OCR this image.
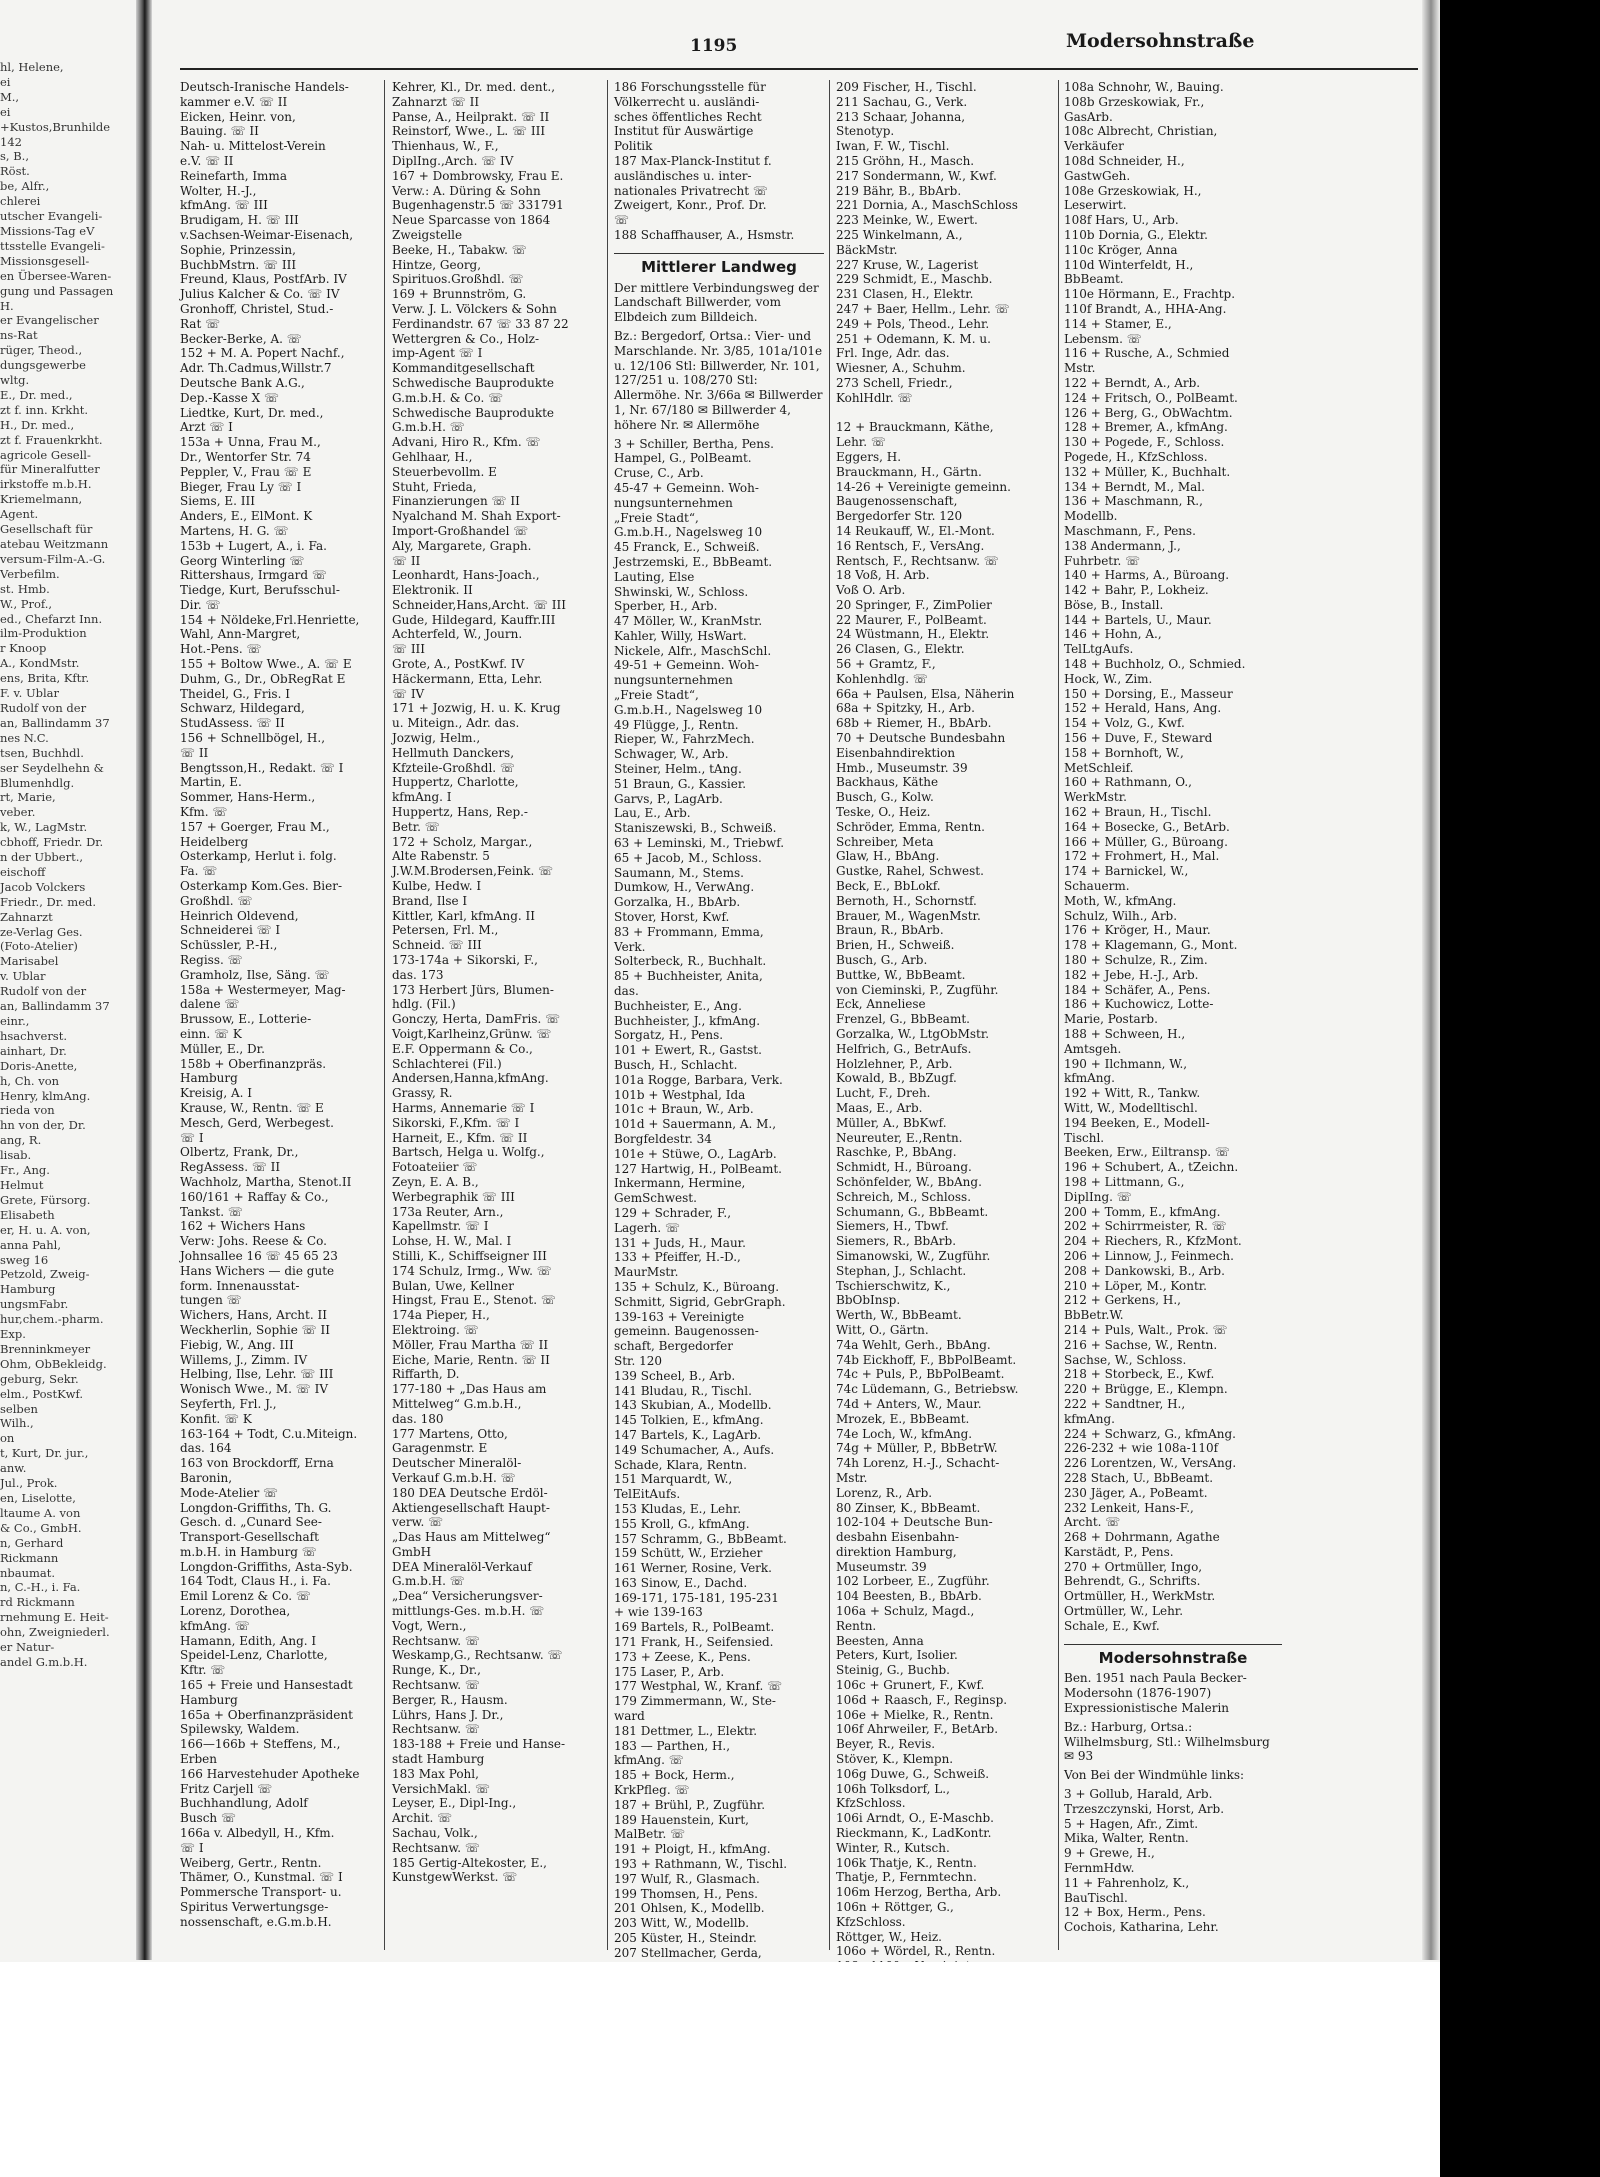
hl, Helene,
ei
M.,
ei
+Kustos,Brunhilde
142
s, B.,
Röst.
be, Alfr.,
chlerei
utscher Evangeli-
Missions-Tag eV
ttsstelle Evangeli-
Missionsgesell-
en Übersee-Waren-
gung und Passagen
H.
er Evangelischer
ns-Rat
rüger, Theod.,
dungsgewerbe
wltg.
E., Dr. med.,
zt f. inn. Krkht.
H., Dr. med.,
zt f. Frauenkrkht.
agricole Gesell-
für Mineralfutter
irkstoffe m.b.H.
Kriemelmann,
Agent.
Gesellschaft für
atebau Weitzmann
versum-Film-A.-G.
Verbefilm.
st. Hmb.
W., Prof.,
ed., Chefarzt Inn.
ilm-Produktion
r Knoop
A., KondMstr.
ens, Brita, Kftr.
F. v. Ublar
Rudolf von der
an, Ballindamm 37
nes N.C.
tsen, Buchhdl.
ser Seydelhehn &
Blumenhdlg.
rt, Marie,
veber.
k, W., LagMstr.
cbhoff, Friedr. Dr.
n der Ubbert.,
eischoff
Jacob Volckers
Friedr., Dr. med.
Zahnarzt
ze-Verlag Ges.
(Foto-Atelier)
Marisabel
v. Ublar
Rudolf von der
an, Ballindamm 37
einr.,
hsachverst.
ainhart, Dr.
Doris-Anette,
h, Ch. von
Henry, klmAng.
rieda von
hn von der, Dr.
ang, R.
lisab.
Fr., Ang.
Helmut
Grete, Fürsorg.
Elisabeth
er, H. u. A. von,
anna Pahl,
sweg 16
Petzold, Zweig-
Hamburg
ungsmFabr.
hur,chem.-pharm.
Exp.
Brenninkmeyer
Ohm, ObBekleidg.
geburg, Sekr.
elm., PostKwf.
selben
Wilh.,
on
t, Kurt, Dr. jur.,
anw.
Jul., Prok.
en, Liselotte,
ltaume A. von
& Co., GmbH.
n, Gerhard
Rickmann
nbaumat.
n, C.-H., i. Fa.
rd Rickmann
rnehmung E. Heit-
ohn, Zweigniederl.
er Natur-
andel G.m.b.H.
1195	Modersohnstraße
Deutsch-Iranische Handels-
kammer e.V. ☏ II
Eicken, Heinr. von,
Bauing. ☏ II
Nah- u. Mittelost-Verein
e.V. ☏ II
Reinefarth, Imma
Wolter, H.-J.,
kfmAng. ☏ III
Brudigam, H. ☏ III
v.Sachsen-Weimar-Eisenach,
Sophie, Prinzessin,
BuchbMstrn. ☏ III
Freund, Klaus, PostfArb. IV
Julius Kalcher & Co. ☏ IV
Gronhoff, Christel, Stud.-
Rat ☏
Becker-Berke, A. ☏
152 + M. A. Popert Nachf.,
Adr. Th.Cadmus,Willstr.7
Deutsche Bank A.G.,
Dep.-Kasse X ☏
Liedtke, Kurt, Dr. med.,
Arzt ☏ I
153a + Unna, Frau M.,
Dr., Wentorfer Str. 74
Peppler, V., Frau ☏ E
Bieger, Frau Ly ☏ I
Siems, E. III
Anders, E., ElMont. K
Martens, H. G. ☏
153b + Lugert, A., i. Fa.
Georg Winterling ☏
Rittershaus, Irmgard ☏
Tiedge, Kurt, Berufsschul-
Dir. ☏
154 + Nöldeke,Frl.Henriette,
Wahl, Ann-Margret,
Hot.-Pens. ☏
155 + Boltow Wwe., A. ☏ E
Duhm, G., Dr., ObRegRat E
Theidel, G., Fris. I
Schwarz, Hildegard,
StudAssess. ☏ II
156 + Schnellbögel, H.,
☏ II
Bengtsson,H., Redakt. ☏ I
Martin, E.
Sommer, Hans-Herm.,
Kfm. ☏
157 + Goerger, Frau M.,
Heidelberg
Osterkamp, Herlut i. folg.
Fa. ☏
Osterkamp Kom.Ges. Bier-
Großhdl. ☏
Heinrich Oldevend,
Schneiderei ☏ I
Schüssler, P.-H.,
Regiss. ☏
Gramholz, Ilse, Säng. ☏
158a + Westermeyer, Mag-
dalene ☏
Brussow, E., Lotterie-
einn. ☏ K
Müller, E., Dr.
158b + Oberfinanzpräs.
Hamburg
Kreisig, A. I
Krause, W., Rentn. ☏ E
Mesch, Gerd, Werbegest.
☏ I
Olbertz, Frank, Dr.,
RegAssess. ☏ II
Wachholz, Martha, Stenot.II
160/161 + Raffay & Co.,
Tankst. ☏
162 + Wichers Hans
Verw: Johs. Reese & Co.
Johnsallee 16 ☏ 45 65 23
Hans Wichers — die gute
form. Innenausstat-
tungen ☏
Wichers, Hans, Archt. II
Weckherlin, Sophie ☏ II
Fiebig, W., Ang. III
Willems, J., Zimm. IV
Helbing, Ilse, Lehr. ☏ III
Wonisch Wwe., M. ☏ IV
Seyferth, Frl. J.,
Konfit. ☏ K
163-164 + Todt, C.u.Miteign.
das. 164
163 von Brockdorff, Erna
Baronin,
Mode-Atelier ☏
Longdon-Griffiths, Th. G.
Gesch. d. „Cunard See-
Transport-Gesellschaft
m.b.H. in Hamburg ☏
Longdon-Griffiths, Asta-Syb.
164 Todt, Claus H., i. Fa.
Emil Lorenz & Co. ☏
Lorenz, Dorothea,
kfmAng. ☏
Hamann, Edith, Ang. I
Speidel-Lenz, Charlotte,
Kftr. ☏
165 + Freie und Hansestadt
Hamburg
165a + Oberfinanzpräsident
Spilewsky, Waldem.
166—166b + Steffens, M.,
Erben
166 Harvestehuder Apotheke
Fritz Carjell ☏
Buchhandlung, Adolf
Busch ☏
166a v. Albedyll, H., Kfm.
☏ I
Weiberg, Gertr., Rentn.
Thämer, O., Kunstmal. ☏ I
Pommersche Transport- u.
Spiritus Verwertungsge-
nossenschaft, e.G.m.b.H.
Kehrer, Kl., Dr. med. dent.,
Zahnarzt ☏ II
Panse, A., Heilprakt. ☏ II
Reinstorf, Wwe., L. ☏ III
Thienhaus, W., F.,
DiplIng.,Arch. ☏ IV
167 + Dombrowsky, Frau E.
Verw.: A. Düring & Sohn
Bugenhagenstr.5 ☏ 331791
Neue Sparcasse von 1864
Zweigstelle
Beeke, H., Tabakw. ☏
Hintze, Georg,
Spirituos.Großhdl. ☏
169 + Brunnström, G.
Verw. J. L. Völckers & Sohn
Ferdinandstr. 67 ☏ 33 87 22
Wettergren & Co., Holz-
imp-Agent ☏ I
Kommanditgesellschaft
Schwedische Bauprodukte
G.m.b.H. & Co. ☏
Schwedische Bauprodukte
G.m.b.H. ☏
Advani, Hiro R., Kfm. ☏
Gehlhaar, H.,
Steuerbevollm. E
Stuht, Frieda,
Finanzierungen ☏ II
Nyalchand M. Shah Export-
Import-Großhandel ☏
Aly, Margarete, Graph.
☏ II
Leonhardt, Hans-Joach.,
Elektronik. II
Schneider,Hans,Archt. ☏ III
Gude, Hildegard, Kauffr.III
Achterfeld, W., Journ.
☏ III
Grote, A., PostKwf. IV
Häckermann, Etta, Lehr.
☏ IV
171 + Jozwig, H. u. K. Krug
u. Miteign., Adr. das.
Jozwig, Helm.,
Hellmuth Danckers,
Kfzteile-Großhdl. ☏
Huppertz, Charlotte,
kfmAng. I
Huppertz, Hans, Rep.-
Betr. ☏
172 + Scholz, Margar.,
Alte Rabenstr. 5
J.W.M.Brodersen,Feink. ☏
Kulbe, Hedw. I
Brand, Ilse I
Kittler, Karl, kfmAng. II
Petersen, Frl. M.,
Schneid. ☏ III
173-174a + Sikorski, F.,
das. 173
173 Herbert Jürs, Blumen-
hdlg. (Fil.)
Gonczy, Herta, DamFris. ☏
Voigt,Karlheinz,Grünw. ☏
E.F. Oppermann & Co.,
Schlachterei (Fil.)
Andersen,Hanna,kfmAng.
Grassy, R.
Harms, Annemarie ☏ I
Sikorski, F.,Kfm. ☏ I
Harneit, E., Kfm. ☏ II
Bartsch, Helga u. Wolfg.,
Fotoateiier ☏
Zeyn, E. A. B.,
Werbegraphik ☏ III
173a Reuter, Arn.,
Kapellmstr. ☏ I
Lohse, H. W., Mal. I
Stilli, K., Schiffseigner III
174 Schulz, Irmg., Ww. ☏
Bulan, Uwe, Kellner
Hingst, Frau E., Stenot. ☏
174a Pieper, H.,
Elektroing. ☏
Möller, Frau Martha ☏ II
Eiche, Marie, Rentn. ☏ II
Riffarth, D.
177-180 + „Das Haus am
Mittelweg“ G.m.b.H.,
das. 180
177 Martens, Otto,
Garagenmstr. E
Deutscher Mineralöl-
Verkauf G.m.b.H. ☏
180 DEA Deutsche Erdöl-
Aktiengesellschaft Haupt-
verw. ☏
„Das Haus am Mittelweg“
GmbH
DEA Mineralöl-Verkauf
G.m.b.H. ☏
„Dea“ Versicherungsver-
mittlungs-Ges. m.b.H. ☏
Vogt, Wern.,
Rechtsanw. ☏
Weskamp,G., Rechtsanw. ☏
Runge, K., Dr.,
Rechtsanw. ☏
Berger, R., Hausm.
Lührs, Hans J. Dr.,
Rechtsanw. ☏
183-188 + Freie und Hanse-
stadt Hamburg
183 Max Pohl,
VersichMakl. ☏
Leyser, E., Dipl-Ing.,
Archit. ☏
Sachau, Volk.,
Rechtsanw. ☏
185 Gertig-Altekoster, E.,
KunstgewWerkst. ☏
186 Forschungsstelle für
Völkerrecht u. ausländi-
sches öffentliches Recht
Institut für Auswärtige
Politik
187 Max-Planck-Institut f.
ausländisches u. inter-
nationales Privatrecht ☏
Zweigert, Konr., Prof. Dr.
☏
188 Schaffhauser, A., Hsmstr.
Mittlerer Landweg
Der mittlere Verbindungsweg der Landschaft Billwerder, vom Elbdeich zum Billdeich.
Bz.: Bergedorf, Ortsa.: Vier- und Marschlande. Nr. 3/85, 101a/101e u. 12/106 Stl: Billwerder, Nr. 101, 127/251 u. 108/270 Stl: Allermöhe. Nr. 3/66a ✉ Billwerder 1, Nr. 67/180 ✉ Billwerder 4, höhere Nr. ✉ Allermöhe
3 + Schiller, Bertha, Pens.
Hampel, G., PolBeamt.
Cruse, C., Arb.
45-47 + Gemeinn. Woh-
nungsunternehmen
„Freie Stadt“,
G.m.b.H., Nagelsweg 10
45 Franck, E., Schweiß.
Jestrzemski, E., BbBeamt.
Lauting, Else
Shwinski, W., Schloss.
Sperber, H., Arb.
47 Möller, W., KranMstr.
Kahler, Willy, HsWart.
Nickele, Alfr., MaschSchl.
49-51 + Gemeinn. Woh-
nungsunternehmen
„Freie Stadt“,
G.m.b.H., Nagelsweg 10
49 Flügge, J., Rentn.
Rieper, W., FahrzMech.
Schwager, W., Arb.
Steiner, Helm., tAng.
51 Braun, G., Kassier.
Garvs, P., LagArb.
Lau, E., Arb.
Staniszewski, B., Schweiß.
63 + Leminski, M., Triebwf.
65 + Jacob, M., Schloss.
Saumann, M., Stems.
Dumkow, H., VerwAng.
Gorzalka, H., BbArb.
Stover, Horst, Kwf.
83 + Frommann, Emma,
Verk.
Solterbeck, R., Buchhalt.
85 + Buchheister, Anita,
das.
Buchheister, E., Ang.
Buchheister, J., kfmAng.
Sorgatz, H., Pens.
101 + Ewert, R., Gastst.
Busch, H., Schlacht.
101a Rogge, Barbara, Verk.
101b + Westphal, Ida
101c + Braun, W., Arb.
101d + Sauermann, A. M.,
Borgfeldestr. 34
101e + Stüwe, O., LagArb.
127 Hartwig, H., PolBeamt.
Inkermann, Hermine,
GemSchwest.
129 + Schrader, F.,
Lagerh. ☏
131 + Juds, H., Maur.
133 + Pfeiffer, H.-D.,
MaurMstr.
135 + Schulz, K., Büroang.
Schmitt, Sigrid, GebrGraph.
139-163 + Vereinigte
gemeinn. Baugenossen-
schaft, Bergedorfer
Str. 120
139 Scheel, B., Arb.
141 Bludau, R., Tischl.
143 Skubian, A., Modellb.
145 Tolkien, E., kfmAng.
147 Bartels, K., LagArb.
149 Schumacher, A., Aufs.
Schade, Klara, Rentn.
151 Marquardt, W.,
TelEitAufs.
153 Kludas, E., Lehr.
155 Kroll, G., kfmAng.
157 Schramm, G., BbBeamt.
159 Schütt, W., Erzieher
161 Werner, Rosine, Verk.
163 Sinow, E., Dachd.
169-171, 175-181, 195-231
+ wie 139-163
169 Bartels, R., PolBeamt.
171 Frank, H., Seifensied.
173 + Zeese, K., Pens.
175 Laser, P., Arb.
177 Westphal, W., Kranf. ☏
179 Zimmermann, W., Ste-
ward
181 Dettmer, L., Elektr.
183 — Parthen, H.,
kfmAng. ☏
185 + Bock, Herm.,
KrkPfleg. ☏
187 + Brühl, P., Zugführ.
189 Hauenstein, Kurt,
MalBetr. ☏
191 + Ploigt, H., kfmAng.
193 + Rathmann, W., Tischl.
197 Wulf, R., Glasmach.
199 Thomsen, H., Pens.
201 Ohlsen, K., Modellb.
203 Witt, W., Modellb.
205 Küster, H., Steindr.
207 Stellmacher, Gerda,
209 Fischer, H., Tischl.
211 Sachau, G., Verk.
213 Schaar, Johanna,
Stenotyp.
Iwan, F. W., Tischl.
215 Gröhn, H., Masch.
217 Sondermann, W., Kwf.
219 Bähr, B., BbArb.
221 Dornia, A., MaschSchloss
223 Meinke, W., Ewert.
225 Winkelmann, A.,
BäckMstr.
227 Kruse, W., Lagerist
229 Schmidt, E., Maschb.
231 Clasen, H., Elektr.
247 + Baer, Hellm., Lehr. ☏
249 + Pols, Theod., Lehr.
251 + Odemann, K. M. u.
Frl. Inge, Adr. das.
Wiesner, A., Schuhm.
273 Schell, Friedr.,
KohlHdlr. ☏

12 + Brauckmann, Käthe,
Lehr. ☏
Eggers, H.
Brauckmann, H., Gärtn.
14-26 + Vereinigte gemeinn.
Baugenossenschaft,
Bergedorfer Str. 120
14 Reukauff, W., El.-Mont.
16 Rentsch, F., VersAng.
Rentsch, F., Rechtsanw. ☏
18 Voß, H. Arb.
Voß O. Arb.
20 Springer, F., ZimPolier
22 Maurer, F., PolBeamt.
24 Wüstmann, H., Elektr.
26 Clasen, G., Elektr.
56 + Gramtz, F.,
Kohlenhdlg. ☏
66a + Paulsen, Elsa, Näherin
68a + Spitzky, H., Arb.
68b + Riemer, H., BbArb.
70 + Deutsche Bundesbahn
Eisenbahndirektion
Hmb., Museumstr. 39
Backhaus, Käthe
Busch, G., Kolw.
Teske, O., Heiz.
Schröder, Emma, Rentn.
Schreiber, Meta
Glaw, H., BbAng.
Gustke, Rahel, Schwest.
Beck, E., BbLokf.
Bernoth, H., Schornstf.
Brauer, M., WagenMstr.
Braun, R., BbArb.
Brien, H., Schweiß.
Busch, G., Arb.
Buttke, W., BbBeamt.
von Cieminski, P., Zugführ.
Eck, Anneliese
Frenzel, G., BbBeamt.
Gorzalka, W., LtgObMstr.
Helfrich, G., BetrAufs.
Holzlehner, P., Arb.
Kowald, B., BbZugf.
Lucht, F., Dreh.
Maas, E., Arb.
Müller, A., BbKwf.
Neureuter, E.,Rentn.
Raschke, P., BbAng.
Schmidt, H., Büroang.
Schönfelder, W., BbAng.
Schreich, M., Schloss.
Schumann, G., BbBeamt.
Siemers, H., Tbwf.
Siemers, R., BbArb.
Simanowski, W., Zugführ.
Stephan, J., Schlacht.
Tschierschwitz, K.,
BbObInsp.
Werth, W., BbBeamt.
Witt, O., Gärtn.
74a Wehlt, Gerh., BbAng.
74b Eickhoff, F., BbPolBeamt.
74c + Puls, P., BbPolBeamt.
74c Lüdemann, G., Betriebsw.
74d + Anters, W., Maur.
Mrozek, E., BbBeamt.
74e Loch, W., kfmAng.
74g + Müller, P., BbBetrW.
74h Lorenz, H.-J., Schacht-
Mstr.
Lorenz, R., Arb.
80 Zinser, K., BbBeamt.
102-104 + Deutsche Bun-
desbahn Eisenbahn-
direktion Hamburg,
Museumstr. 39
102 Lorbeer, E., Zugführ.
104 Beesten, B., BbArb.
106a + Schulz, Magd.,
Rentn.
Beesten, Anna
Peters, Kurt, Isolier.
Steinig, G., Buchb.
106c + Grunert, F., Kwf.
106d + Raasch, F., Reginsp.
106e + Mielke, R., Rentn.
106f Ahrweiler, F., BetArb.
Beyer, R., Revis.
Stöver, K., Klempn.
106g Duwe, G., Schweiß.
106h Tolksdorf, L.,
KfzSchloss.
106i Arndt, O., E-Maschb.
Rieckmann, K., LadKontr.
Winter, R., Kutsch.
106k Thatje, K., Rentn.
Thatje, P., Fernmtechn.
106m Herzog, Bertha, Arb.
106n + Röttger, G.,
KfzSchloss.
Röttger, W., Heiz.
106o + Wördel, R., Rentn.
108a Schnohr, W., Bauing.
108b Grzeskowiak, Fr.,
GasArb.
108c Albrecht, Christian,
Verkäufer
108d Schneider, H.,
GastwGeh.
108e Grzeskowiak, H.,
Leserwirt.
108f Hars, U., Arb.
110b Dornia, G., Elektr.
110c Kröger, Anna
110d Winterfeldt, H.,
BbBeamt.
110e Hörmann, E., Frachtp.
110f Brandt, A., HHA-Ang.
114 + Stamer, E.,
Lebensm. ☏
116 + Rusche, A., Schmied
Mstr.
122 + Berndt, A., Arb.
124 + Fritsch, O., PolBeamt.
126 + Berg, G., ObWachtm.
128 + Bremer, A., kfmAng.
130 + Pogede, F., Schloss.
Pogede, H., KfzSchloss.
132 + Müller, K., Buchhalt.
134 + Berndt, M., Mal.
136 + Maschmann, R.,
Modellb.
Maschmann, F., Pens.
138 Andermann, J.,
Fuhrbetr. ☏
140 + Harms, A., Büroang.
142 + Bahr, P., Lokheiz.
Böse, B., Install.
144 + Bartels, U., Maur.
146 + Hohn, A.,
TelLtgAufs.
148 + Buchholz, O., Schmied.
Hock, W., Zim.
150 + Dorsing, E., Masseur
152 + Herald, Hans, Ang.
154 + Volz, G., Kwf.
156 + Duve, F., Steward
158 + Bornhoft, W.,
MetSchleif.
160 + Rathmann, O.,
WerkMstr.
162 + Braun, H., Tischl.
164 + Bosecke, G., BetArb.
166 + Müller, G., Büroang.
172 + Frohmert, H., Mal.
174 + Barnickel, W.,
Schauerm.
Moth, W., kfmAng.
Schulz, Wilh., Arb.
176 + Kröger, H., Maur.
178 + Klagemann, G., Mont.
180 + Schulze, R., Zim.
182 + Jebe, H.-J., Arb.
184 + Schäfer, A., Pens.
186 + Kuchowicz, Lotte-
Marie, Postarb.
188 + Schween, H.,
Amtsgeh.
190 + Ilchmann, W.,
kfmAng.
192 + Witt, R., Tankw.
Witt, W., Modelltischl.
194 Beeken, E., Modell-
Tischl.
Beeken, Erw., Eiltransp. ☏
196 + Schubert, A., tZeichn.
198 + Littmann, G.,
DiplIng. ☏
200 + Tomm, E., kfmAng.
202 + Schirrmeister, R. ☏
204 + Riechers, R., KfzMont.
206 + Linnow, J., Feinmech.
208 + Dankowski, B., Arb.
210 + Löper, M., Kontr.
212 + Gerkens, H.,
BbBetr.W.
214 + Puls, Walt., Prok. ☏
216 + Sachse, W., Rentn.
Sachse, W., Schloss.
218 + Storbeck, E., Kwf.
220 + Brügge, E., Klempn.
222 + Sandtner, H.,
kfmAng.
224 + Schwarz, G., kfmAng.
226-232 + wie 108a-110f
226 Lorentzen, W., VersAng.
228 Stach, U., BbBeamt.
230 Jäger, A., PoBeamt.
232 Lenkeit, Hans-F.,
Archt. ☏
268 + Dohrmann, Agathe
Karstädt, P., Pens.
270 + Ortmüller, Ingo,
Behrendt, G., Schrifts.
Ortmüller, H., WerkMstr.
Ortmüller, W., Lehr.
Schale, E., Kwf.
Modersohnstraße
Ben. 1951 nach Paula Becker-Modersohn (1876-1907) Expressionistische Malerin
Bz.: Harburg, Ortsa.: Wilhelmsburg, Stl.: Wilhelmsburg ✉ 93
Von Bei der Windmühle links:
3 + Gollub, Harald, Arb.
Trzeszczynski, Horst, Arb.
5 + Hagen, Afr., Zimt.
Mika, Walter, Rentn.
9 + Grewe, H.,
FernmHdw.
11 + Fahrenholz, K.,
BauTischl.
12 + Box, Herm., Pens.
Cochois, Katharina, Lehr.
